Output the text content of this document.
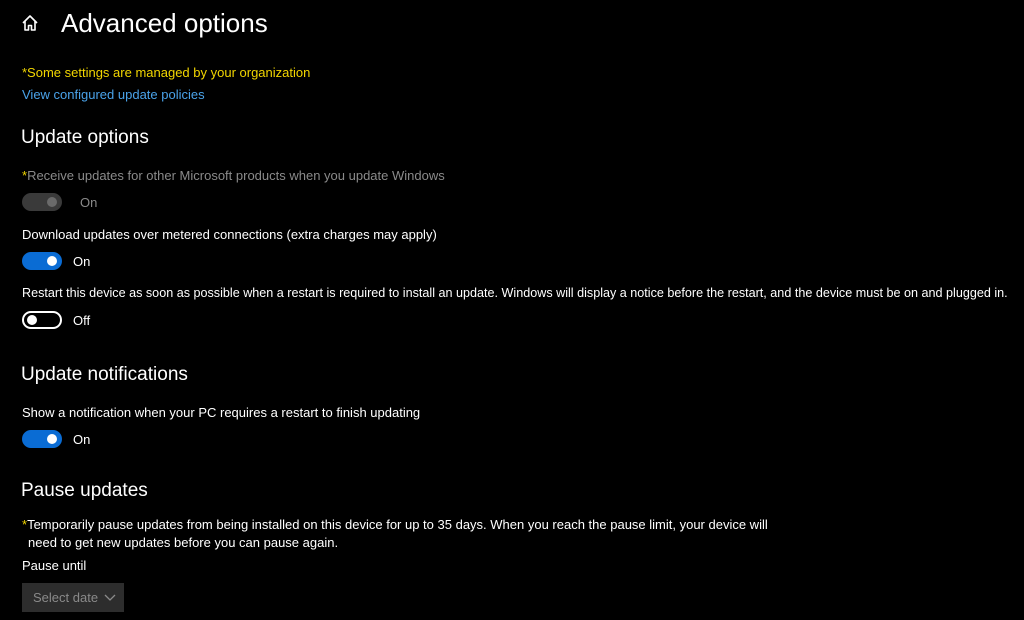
Advanced options
*Some settings are managed by your organization
View configured update policies
Update options
*Receive updates for other Microsoft products when you update Windows
On
Download updates over metered connections (extra charges may apply)
On
Restart this device as soon as possible when a restart is required to install an update. Windows will display a notice before the restart, and the device must be on and plugged in.
Off
Update notifications
Show a notification when your PC requires a restart to finish updating
On
Pause updates
*Temporarily pause updates from being installed on this device for up to 35 days. When you reach the pause limit, your device will
need to get new updates before you can pause again.
Pause until
Select date
